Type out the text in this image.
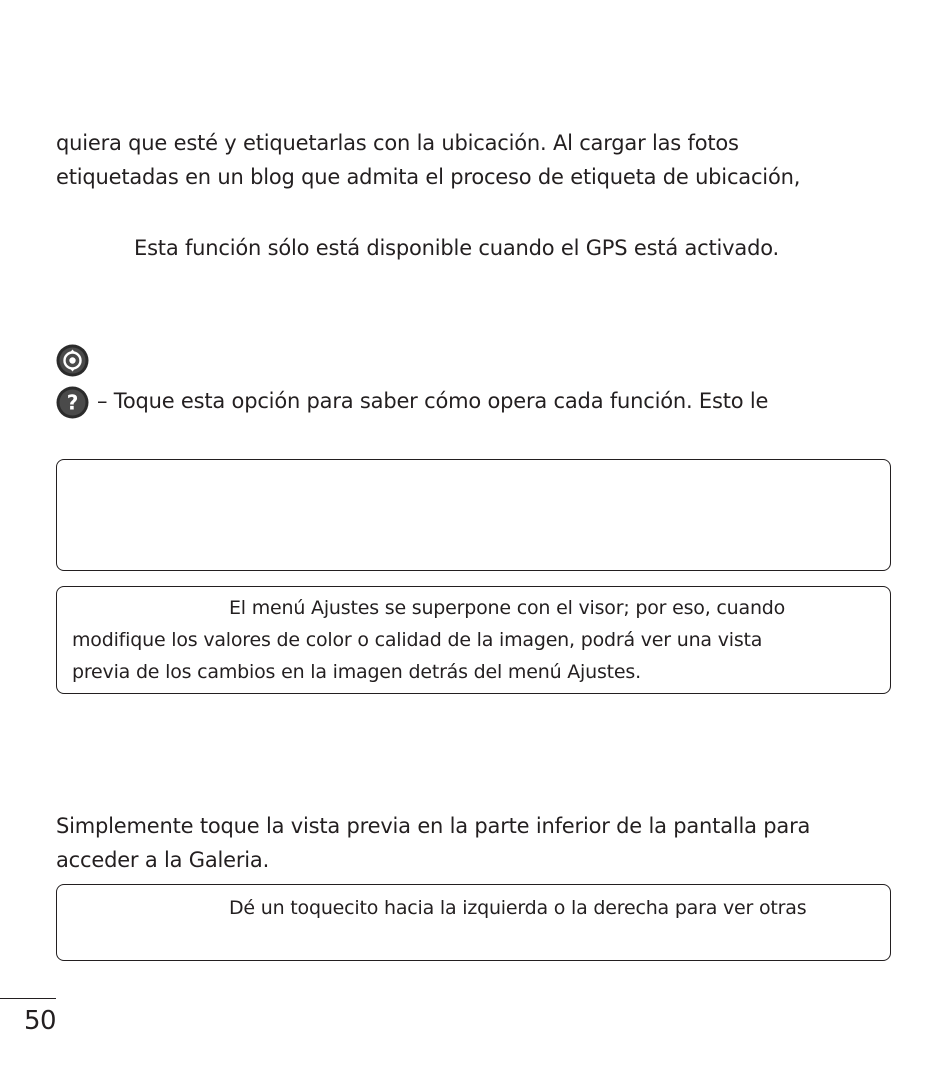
quiera que esté y etiquetarlas con la ubicación. Al cargar las fotos
etiquetadas en un blog que admita el proceso de etiqueta de ubicación,
Esta función sólo está disponible cuando el GPS está activado.
? – Toque esta opción para saber cómo opera cada función. Esto le
El menú Ajustes se superpone con el visor; por eso, cuando
modifique los valores de color o calidad de la imagen, podrá ver una vista
previa de los cambios en la imagen detrás del menú Ajustes.
Simplemente toque la vista previa en la parte inferior de la pantalla para
acceder a la Galeria.
Dé un toquecito hacia la izquierda o la derecha para ver otras
50
